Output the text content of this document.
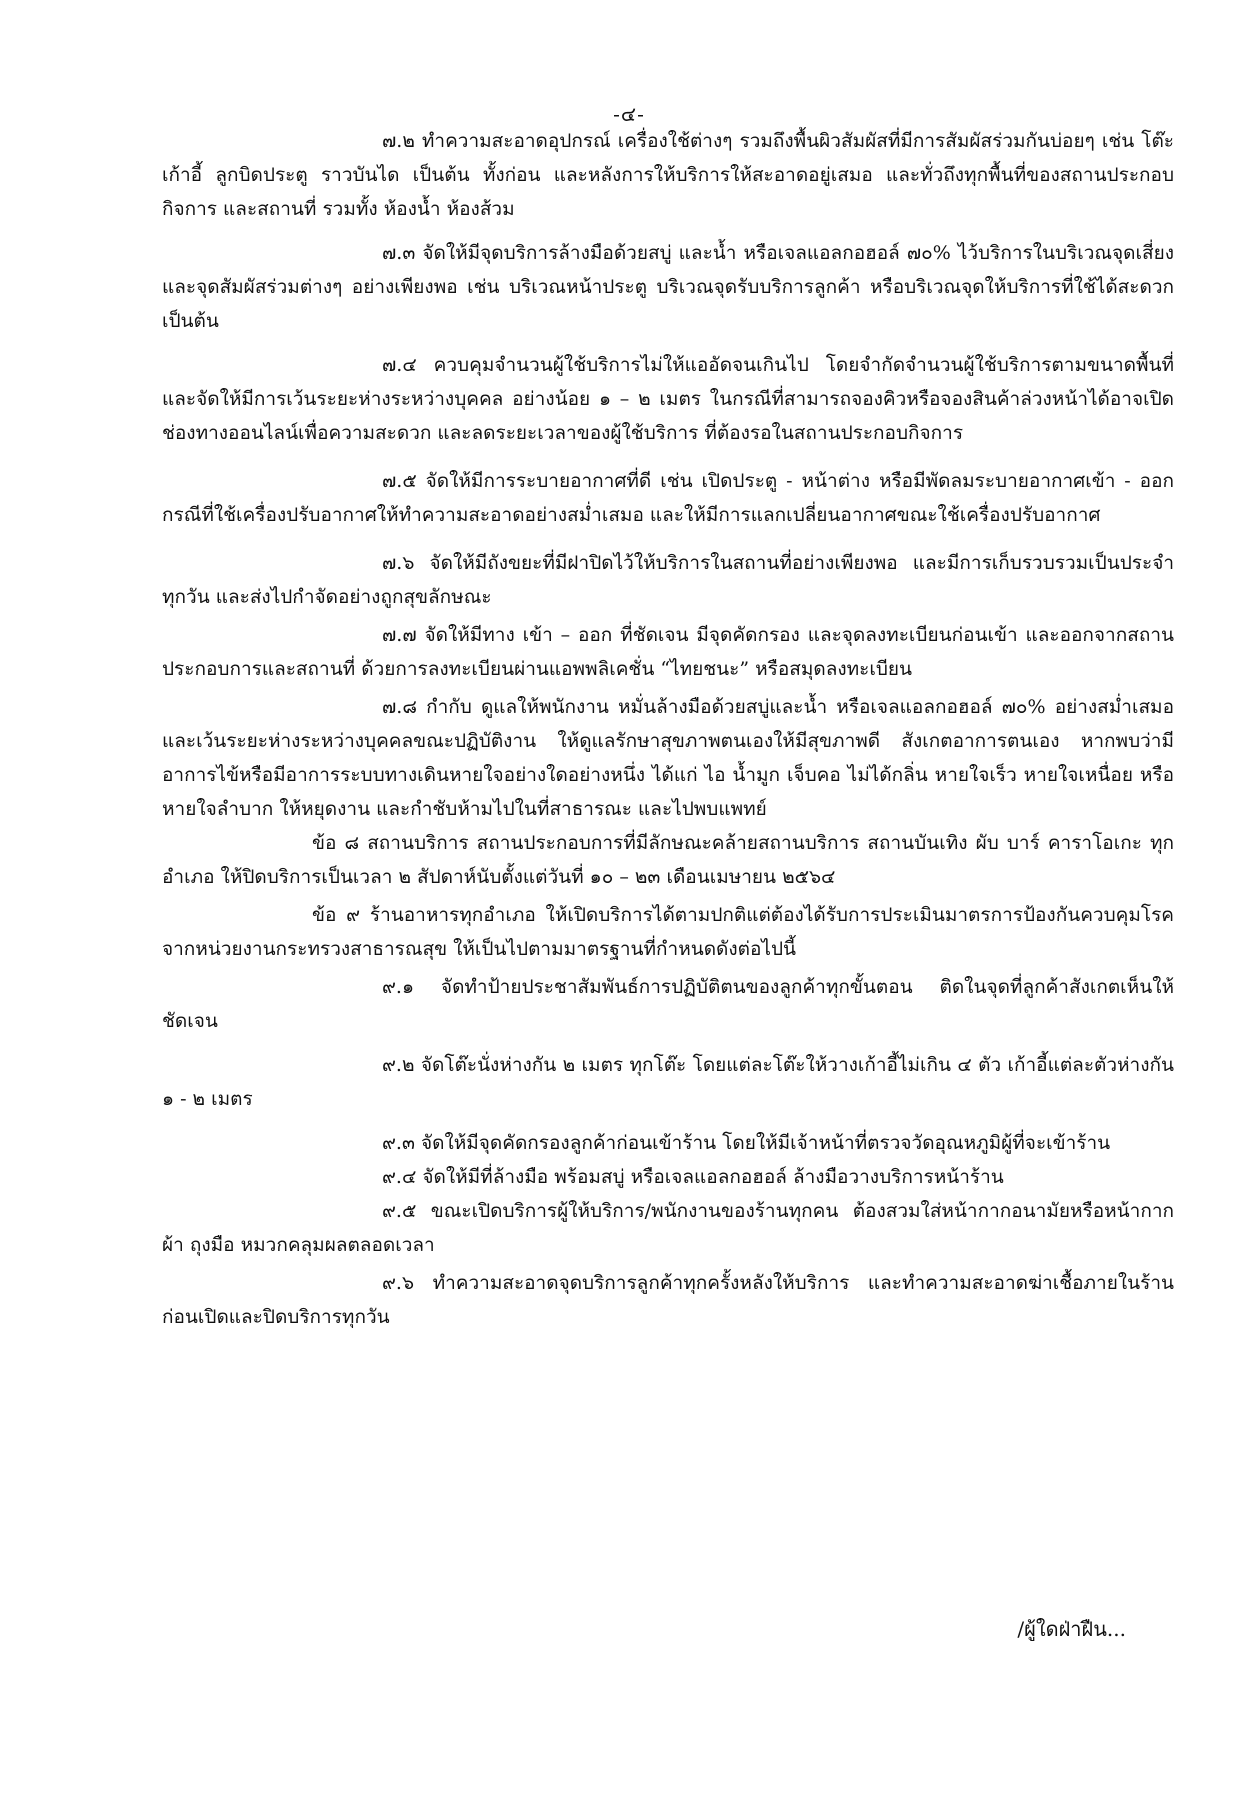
-๔-

๗.๒ ทำความสะอาดอุปกรณ์ เครื่องใช้ต่างๆ รวมถึงพื้นผิวสัมผัสที่มีการสัมผัสร่วมกันบ่อยๆ เช่น โต๊ะ เก้าอี้ ลูกบิดประตู ราวบันได เป็นต้น ทั้งก่อน และหลังการให้บริการให้สะอาดอยู่เสมอ และทั่วถึงทุกพื้นที่ของสถานประกอบกิจการ และสถานที่ รวมทั้ง ห้องน้ำ ห้องส้วม

๗.๓ จัดให้มีจุดบริการล้างมือด้วยสบู่ และน้ำ หรือเจลแอลกอฮอล์ ๗๐% ไว้บริการในบริเวณจุดเสี่ยงและจุดสัมผัสร่วมต่างๆ อย่างเพียงพอ เช่น บริเวณหน้าประตู บริเวณจุดรับบริการลูกค้า หรือบริเวณจุดให้บริการที่ใช้ได้สะดวก เป็นต้น

๗.๔ ควบคุมจำนวนผู้ใช้บริการไม่ให้แออัดจนเกินไป โดยจำกัดจำนวนผู้ใช้บริการตามขนาดพื้นที่และจัดให้มีการเว้นระยะห่างระหว่างบุคคล อย่างน้อย ๑ – ๒ เมตร ในกรณีที่สามารถจองคิวหรือจองสินค้าล่วงหน้าได้อาจเปิดช่องทางออนไลน์เพื่อความสะดวก และลดระยะเวลาของผู้ใช้บริการ ที่ต้องรอในสถานประกอบกิจการ

๗.๕ จัดให้มีการระบายอากาศที่ดี เช่น เปิดประตู - หน้าต่าง หรือมีพัดลมระบายอากาศเข้า - ออก กรณีที่ใช้เครื่องปรับอากาศให้ทำความสะอาดอย่างสม่ำเสมอ และให้มีการแลกเปลี่ยนอากาศขณะใช้เครื่องปรับอากาศ

๗.๖ จัดให้มีถังขยะที่มีฝาปิดไว้ให้บริการในสถานที่อย่างเพียงพอ และมีการเก็บรวบรวมเป็นประจำทุกวัน และส่งไปกำจัดอย่างถูกสุขลักษณะ

๗.๗ จัดให้มีทาง เข้า – ออก ที่ชัดเจน มีจุดคัดกรอง และจุดลงทะเบียนก่อนเข้า และออกจากสถานประกอบการและสถานที่ ด้วยการลงทะเบียนผ่านแอพพลิเคชั่น “ไทยชนะ” หรือสมุดลงทะเบียน

๗.๘ กำกับ ดูแลให้พนักงาน หมั่นล้างมือด้วยสบู่และน้ำ หรือเจลแอลกอฮอล์ ๗๐% อย่างสม่ำเสมอ และเว้นระยะห่างระหว่างบุคคลขณะปฏิบัติงาน ให้ดูแลรักษาสุขภาพตนเองให้มีสุขภาพดี สังเกตอาการตนเอง หากพบว่ามีอาการไข้หรือมีอาการระบบทางเดินหายใจอย่างใดอย่างหนึ่ง ได้แก่ ไอ น้ำมูก เจ็บคอ ไม่ได้กลิ่น หายใจเร็ว หายใจเหนื่อย หรือหายใจลำบาก ให้หยุดงาน และกำชับห้ามไปในที่สาธารณะ และไปพบแพทย์

ข้อ ๘ สถานบริการ สถานประกอบการที่มีลักษณะคล้ายสถานบริการ สถานบันเทิง ผับ บาร์ คาราโอเกะ ทุกอำเภอ ให้ปิดบริการเป็นเวลา ๒ สัปดาห์นับตั้งแต่วันที่ ๑๐ – ๒๓ เดือนเมษายน ๒๕๖๔

ข้อ ๙ ร้านอาหารทุกอำเภอ ให้เปิดบริการได้ตามปกติแต่ต้องได้รับการประเมินมาตรการป้องกันควบคุมโรคจากหน่วยงานกระทรวงสาธารณสุข ให้เป็นไปตามมาตรฐานที่กำหนดดังต่อไปนี้

๙.๑ จัดทำป้ายประชาสัมพันธ์การปฏิบัติตนของลูกค้าทุกขั้นตอน ติดในจุดที่ลูกค้าสังเกตเห็นให้ชัดเจน

๙.๒ จัดโต๊ะนั่งห่างกัน ๒ เมตร ทุกโต๊ะ โดยแต่ละโต๊ะให้วางเก้าอี้ไม่เกิน ๔ ตัว เก้าอี้แต่ละตัวห่างกัน ๑ - ๒ เมตร

๙.๓ จัดให้มีจุดคัดกรองลูกค้าก่อนเข้าร้าน โดยให้มีเจ้าหน้าที่ตรวจวัดอุณหภูมิผู้ที่จะเข้าร้าน

๙.๔ จัดให้มีที่ล้างมือ พร้อมสบู่ หรือเจลแอลกอฮอล์ ล้างมือวางบริการหน้าร้าน

๙.๕ ขณะเปิดบริการผู้ให้บริการ/พนักงานของร้านทุกคน ต้องสวมใส่หน้ากากอนามัยหรือหน้ากากผ้า ถุงมือ หมวกคลุมผลตลอดเวลา

๙.๖ ทำความสะอาดจุดบริการลูกค้าทุกครั้งหลังให้บริการ และทำความสะอาดฆ่าเชื้อภายในร้านก่อนเปิดและปิดบริการทุกวัน

/ผู้ใดฝ่าฝืน...
